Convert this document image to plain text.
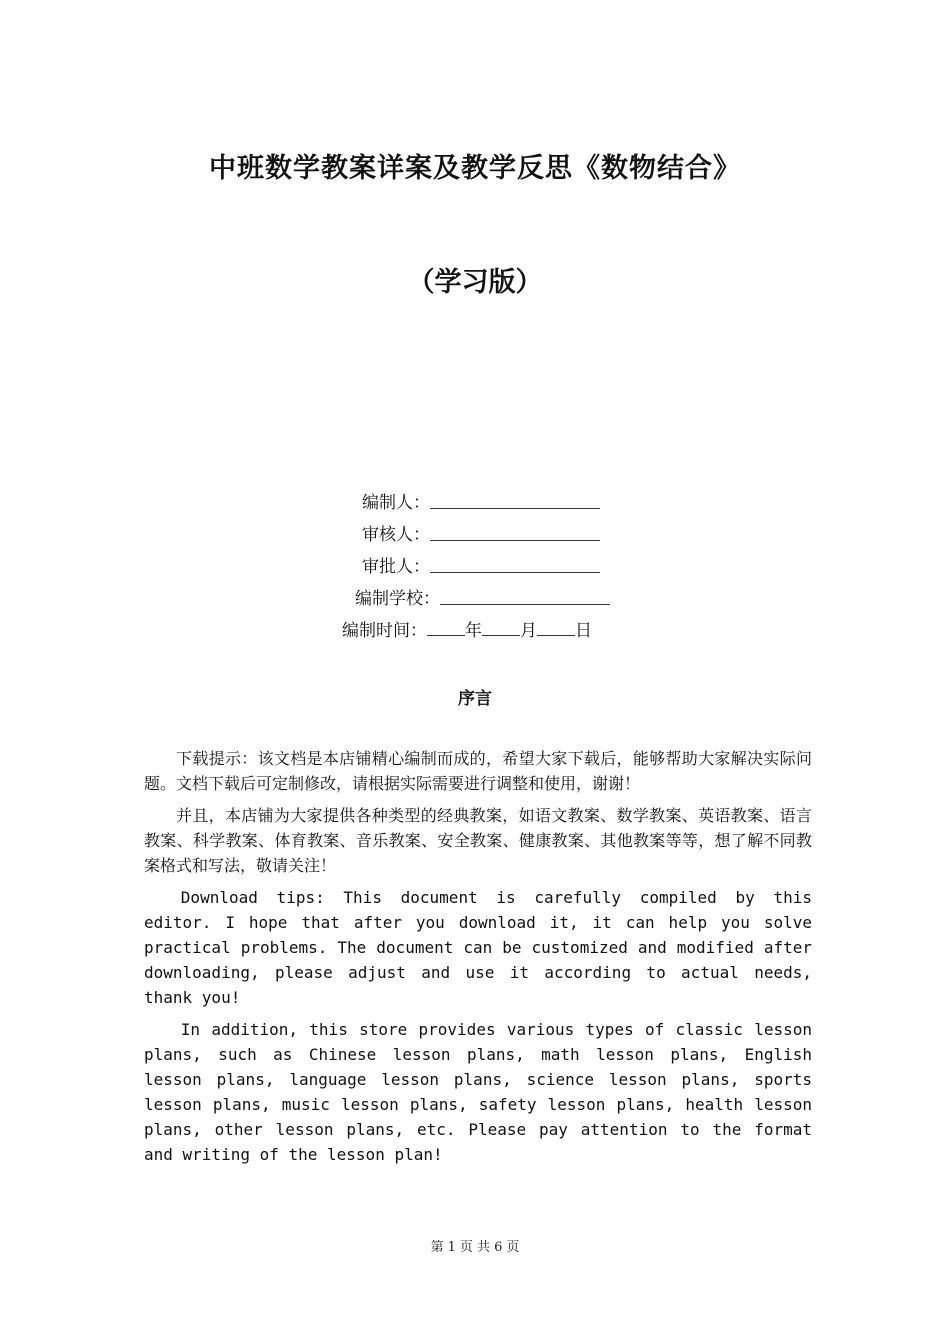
中班数学教案详案及教学反思《数物结合》
（学习版）
编制人：
审核人：
审批人：
编制学校：
编制时间： 年 月 日
序言

下载提示：该文档是本店铺精心编制而成的，希望大家下载后，能够帮助大家解决实际问题。文档下载后可定制修改，请根据实际需要进行调整和使用，谢谢！

并且，本店铺为大家提供各种类型的经典教案，如语文教案、数学教案、英语教案、语言教案、科学教案、体育教案、音乐教案、安全教案、健康教案、其他教案等等，想了解不同教案格式和写法，敬请关注！

Download tips: This document is carefully compiled by this editor. I hope that after you download it, it can help you solve practical problems. The document can be customized and modified after downloading, please adjust and use it according to actual needs, thank you!

In addition, this store provides various types of classic lesson plans, such as Chinese lesson plans, math lesson plans, English lesson plans, language lesson plans, science lesson plans, sports lesson plans, music lesson plans, safety lesson plans, health lesson plans, other lesson plans, etc. Please pay attention to the format and writing of the lesson plan!

第 1 页 共 6 页
